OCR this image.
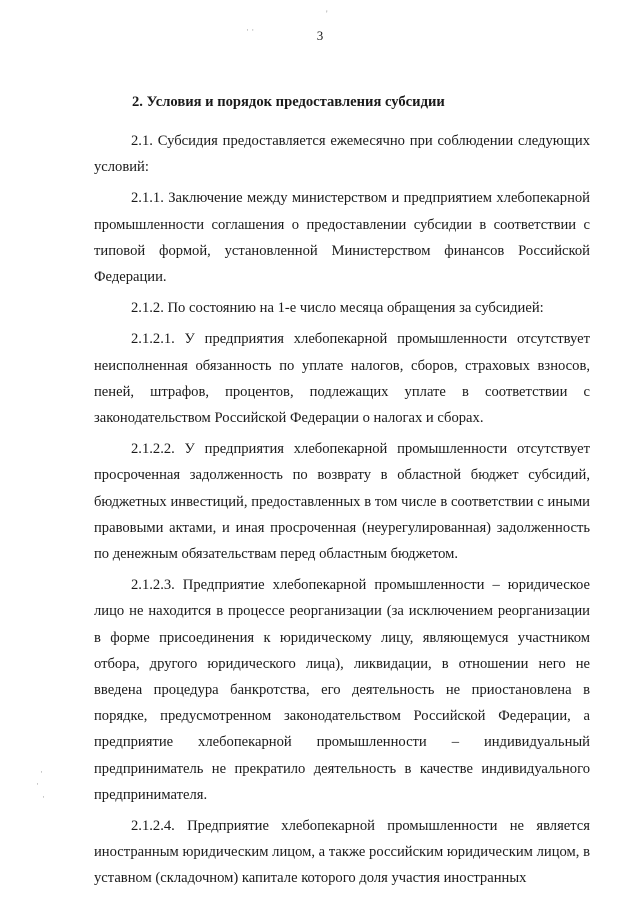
3
'
· ·
·
·
·
2. Условия и порядок предоставления субсидии

2.1. Субсидия предоставляется ежемесячно при соблюдении следующих условий:

2.1.1. Заключение между министерством и предприятием хлебопекарной промышленности соглашения о предоставлении субсидии в соответствии с типовой формой, установленной Министерством финансов Российской Федерации.

2.1.2. По состоянию на 1-е число месяца обращения за субсидией:

2.1.2.1. У предприятия хлебопекарной промышленности отсутствует неисполненная обязанность по уплате налогов, сборов, страховых взносов, пеней, штрафов, процентов, подлежащих уплате в соответствии с законодательством Российской Федерации о налогах и сборах.

2.1.2.2. У предприятия хлебопекарной промышленности отсутствует просроченная задолженность по возврату в областной бюджет субсидий, бюджетных инвестиций, предоставленных в том числе в соответствии с иными правовыми актами, и иная просроченная (неурегулированная) задолженность по денежным обязательствам перед областным бюджетом.

2.1.2.3. Предприятие хлебопекарной промышленности – юридическое лицо не находится в процессе реорганизации (за исключением реорганизации в форме присоединения к юридическому лицу, являющемуся участником отбора, другого юридического лица), ликвидации, в отношении него не введена процедура банкротства, его деятельность не приостановлена в порядке, предусмотренном законодательством Российской Федерации, а предприятие хлебопекарной промышленности – индивидуальный предприниматель не прекратило деятельность в качестве индивидуального предпринимателя.

2.1.2.4. Предприятие хлебопекарной промышленности не является иностранным юридическим лицом, а также российским юридическим лицом, в уставном (складочном) капитале которого доля участия иностранных
